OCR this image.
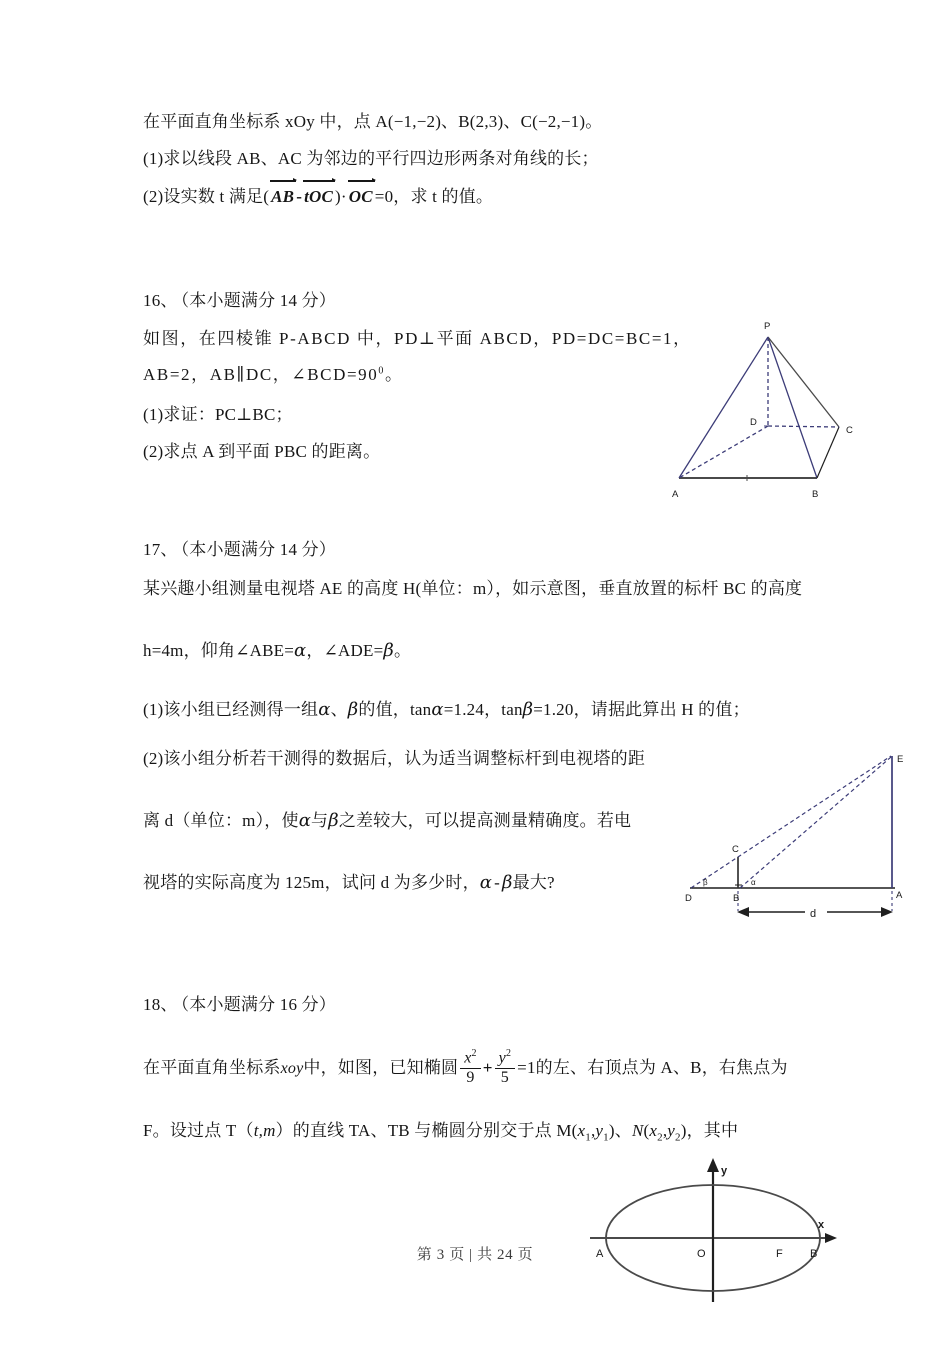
在平面直角坐标系 xOy 中，点 A(−1,−2)、B(2,3)、C(−2,−1)。
(1)求以线段 AB、AC 为邻边的平行四边形两条对角线的长；
(2)设实数 t 满足( AB - tOC )· OC =0，求 t 的值。
16、 （本小题满分 14 分）
如图，在四棱锥 P-ABCD 中，PD⊥平面 ABCD，PD=DC=BC=1，
AB=2，AB∥DC，$\angle BCD=90^0$。
(1)求证：PC⊥BC；
(2)求点 A 到平面 PBC 的距离。
P
D
C
A	B
17、 （本小题满分 14 分）
某兴趣小组测量电视塔 AE 的高度 H(单位：m），如示意图，垂直放置的标杆 BC 的高度
h=4m，仰角∠ABE=α，∠ADE=β。
(1)该小组已经测得一组α、β的值，tanα=1.24，tanβ=1.20，请据此算出 H 的值；
(2)该小组分析若干测得的数据后，认为适当调整标杆到电视塔的距
离 d（单位：m），使α与β之差较大，可以提高测量精确度。若电
视塔的实际高度为 125m，试问 d 为多少时，α - β最大?
d
E
A
C
B
D
β	α
18、 （本小题满分 16 分）
在平面直角坐标系xoy中，如图，已知椭圆 $\frac{x^2}{9} + \frac{y^2}{5} =1$的左、右顶点为 A、B，右焦点为
F。设过点 T（t,m）的直线 TA、TB 与椭圆分别交于点 $M(x_1,y_1)$、$N(x_2,y_2)$，其中
x
y
A	O	F B
第 3 页 | 共 24 页
